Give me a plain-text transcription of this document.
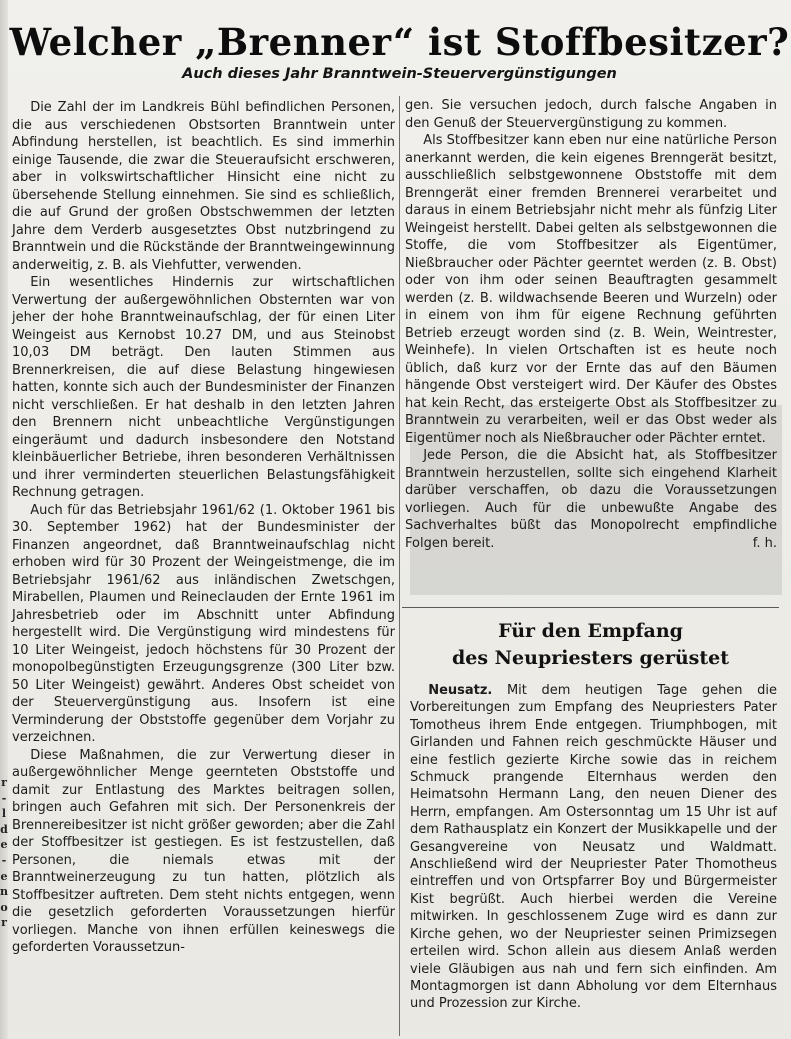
r
-
l
d
e
-
e
n
o
r
Welcher „Brenner“ ist Stoffbesitzer?
Auch dieses Jahr Branntwein-Steuervergünstigungen

Die Zahl der im Landkreis Bühl befindlichen Personen, die aus verschiedenen Obstsorten Branntwein unter Abfindung herstellen, ist beachtlich. Es sind immerhin einige Tausende, die zwar die Steueraufsicht erschweren, aber in volkswirtschaftlicher Hinsicht eine nicht zu übersehende Stellung einnehmen. Sie sind es schließlich, die auf Grund der großen Obstschwemmen der letzten Jahre dem Verderb ausgesetztes Obst nutzbringend zu Branntwein und die Rückstände der Branntweingewinnung anderweitig, z. B. als Viehfutter, verwenden.

Ein wesentliches Hindernis zur wirtschaftlichen Verwertung der außergewöhnlichen Obsternten war von jeher der hohe Branntweinaufschlag, der für einen Liter Weingeist aus Kernobst 10.27 DM, und aus Steinobst 10,03 DM beträgt. Den lauten Stimmen aus Brennerkreisen, die auf diese Belastung hingewiesen hatten, konnte sich auch der Bundesminister der Finanzen nicht verschließen. Er hat deshalb in den letzten Jahren den Brennern nicht unbeachtliche Vergünstigungen eingeräumt und dadurch insbesondere den Notstand kleinbäuerlicher Betriebe, ihren besonderen Verhältnissen und ihrer verminderten steuerlichen Belastungsfähigkeit Rechnung getragen.

Auch für das Betriebsjahr 1961/62 (1. Oktober 1961 bis 30. September 1962) hat der Bundesminister der Finanzen angeordnet, daß Branntweinaufschlag nicht erhoben wird für 30 Prozent der Weingeistmenge, die im Betriebsjahr 1961/62 aus inländischen Zwetschgen, Mirabellen, Plaumen und Reineclauden der Ernte 1961 im Jahresbetrieb oder im Abschnitt unter Abfindung hergestellt wird. Die Vergünstigung wird mindestens für 10 Liter Weingeist, jedoch höchstens für 30 Prozent der monopolbegünstigten Erzeugungsgrenze (300 Liter bzw. 50 Liter Weingeist) gewährt. Anderes Obst scheidet von der Steuervergünstigung aus. Insofern ist eine Verminderung der Obststoffe gegenüber dem Vorjahr zu verzeichnen.

Diese Maßnahmen, die zur Verwertung dieser in außergewöhnlicher Menge geernteten Obststoffe und damit zur Entlastung des Marktes beitragen sollen, bringen auch Gefahren mit sich. Der Personenkreis der Brennereibesitzer ist nicht größer geworden; aber die Zahl der Stoffbesitzer ist gestiegen. Es ist festzustellen, daß Personen, die niemals etwas mit der Branntweinerzeugung zu tun hatten, plötzlich als Stoffbesitzer auftreten. Dem steht nichts entgegen, wenn die gesetzlich geforderten Voraussetzungen hierfür vorliegen. Manche von ihnen erfüllen keineswegs die geforderten Voraussetzun-

gen. Sie versuchen jedoch, durch falsche Angaben in den Genuß der Steuervergünstigung zu kommen.

Als Stoffbesitzer kann eben nur eine natürliche Person anerkannt werden, die kein eigenes Brenngerät besitzt, ausschließlich selbstgewonnene Obststoffe mit dem Brenngerät einer fremden Brennerei verarbeitet und daraus in einem Betriebsjahr nicht mehr als fünfzig Liter Weingeist herstellt. Dabei gelten als selbstgewonnen die Stoffe, die vom Stoffbesitzer als Eigentümer, Nießbraucher oder Pächter geerntet werden (z. B. Obst) oder von ihm oder seinen Beauftragten gesammelt werden (z. B. wildwachsende Beeren und Wurzeln) oder in einem von ihm für eigene Rechnung geführten Betrieb erzeugt worden sind (z. B. Wein, Weintrester, Weinhefe). In vielen Ortschaften ist es heute noch üblich, daß kurz vor der Ernte das auf den Bäumen hängende Obst versteigert wird. Der Käufer des Obstes hat kein Recht, das ersteigerte Obst als Stoffbesitzer zu Branntwein zu verarbeiten, weil er das Obst weder als Eigentümer noch als Nießbraucher oder Pächter erntet.

Jede Person, die die Absicht hat, als Stoffbesitzer Branntwein herzustellen, sollte sich eingehend Klarheit darüber verschaffen, ob dazu die Voraussetzungen vorliegen. Auch für die unbewußte Angabe des Sachverhaltes büßt das Monopolrecht empfindliche Folgen bereit.	f. h.

Für den Empfang
des Neupriesters gerüstet

Neusatz. Mit dem heutigen Tage gehen die Vorbereitungen zum Empfang des Neupriesters Pater Tomotheus ihrem Ende entgegen. Triumphbogen, mit Girlanden und Fahnen reich geschmückte Häuser und eine festlich gezierte Kirche sowie das in reichem Schmuck prangende Elternhaus werden den Heimatsohn Hermann Lang, den neuen Diener des Herrn, empfangen. Am Ostersonntag um 15 Uhr ist auf dem Rathausplatz ein Konzert der Musikkapelle und der Gesangvereine von Neusatz und Waldmatt. Anschließend wird der Neupriester Pater Thomotheus eintreffen und von Ortspfarrer Boy und Bürgermeister Kist begrüßt. Auch hierbei werden die Vereine mitwirken. In geschlossenem Zuge wird es dann zur Kirche gehen, wo der Neupriester seinen Primizsegen erteilen wird. Schon allein aus diesem Anlaß werden viele Gläubigen aus nah und fern sich einfinden. Am Montagmorgen ist dann Abholung vor dem Elternhaus und Prozession zur Kirche.
